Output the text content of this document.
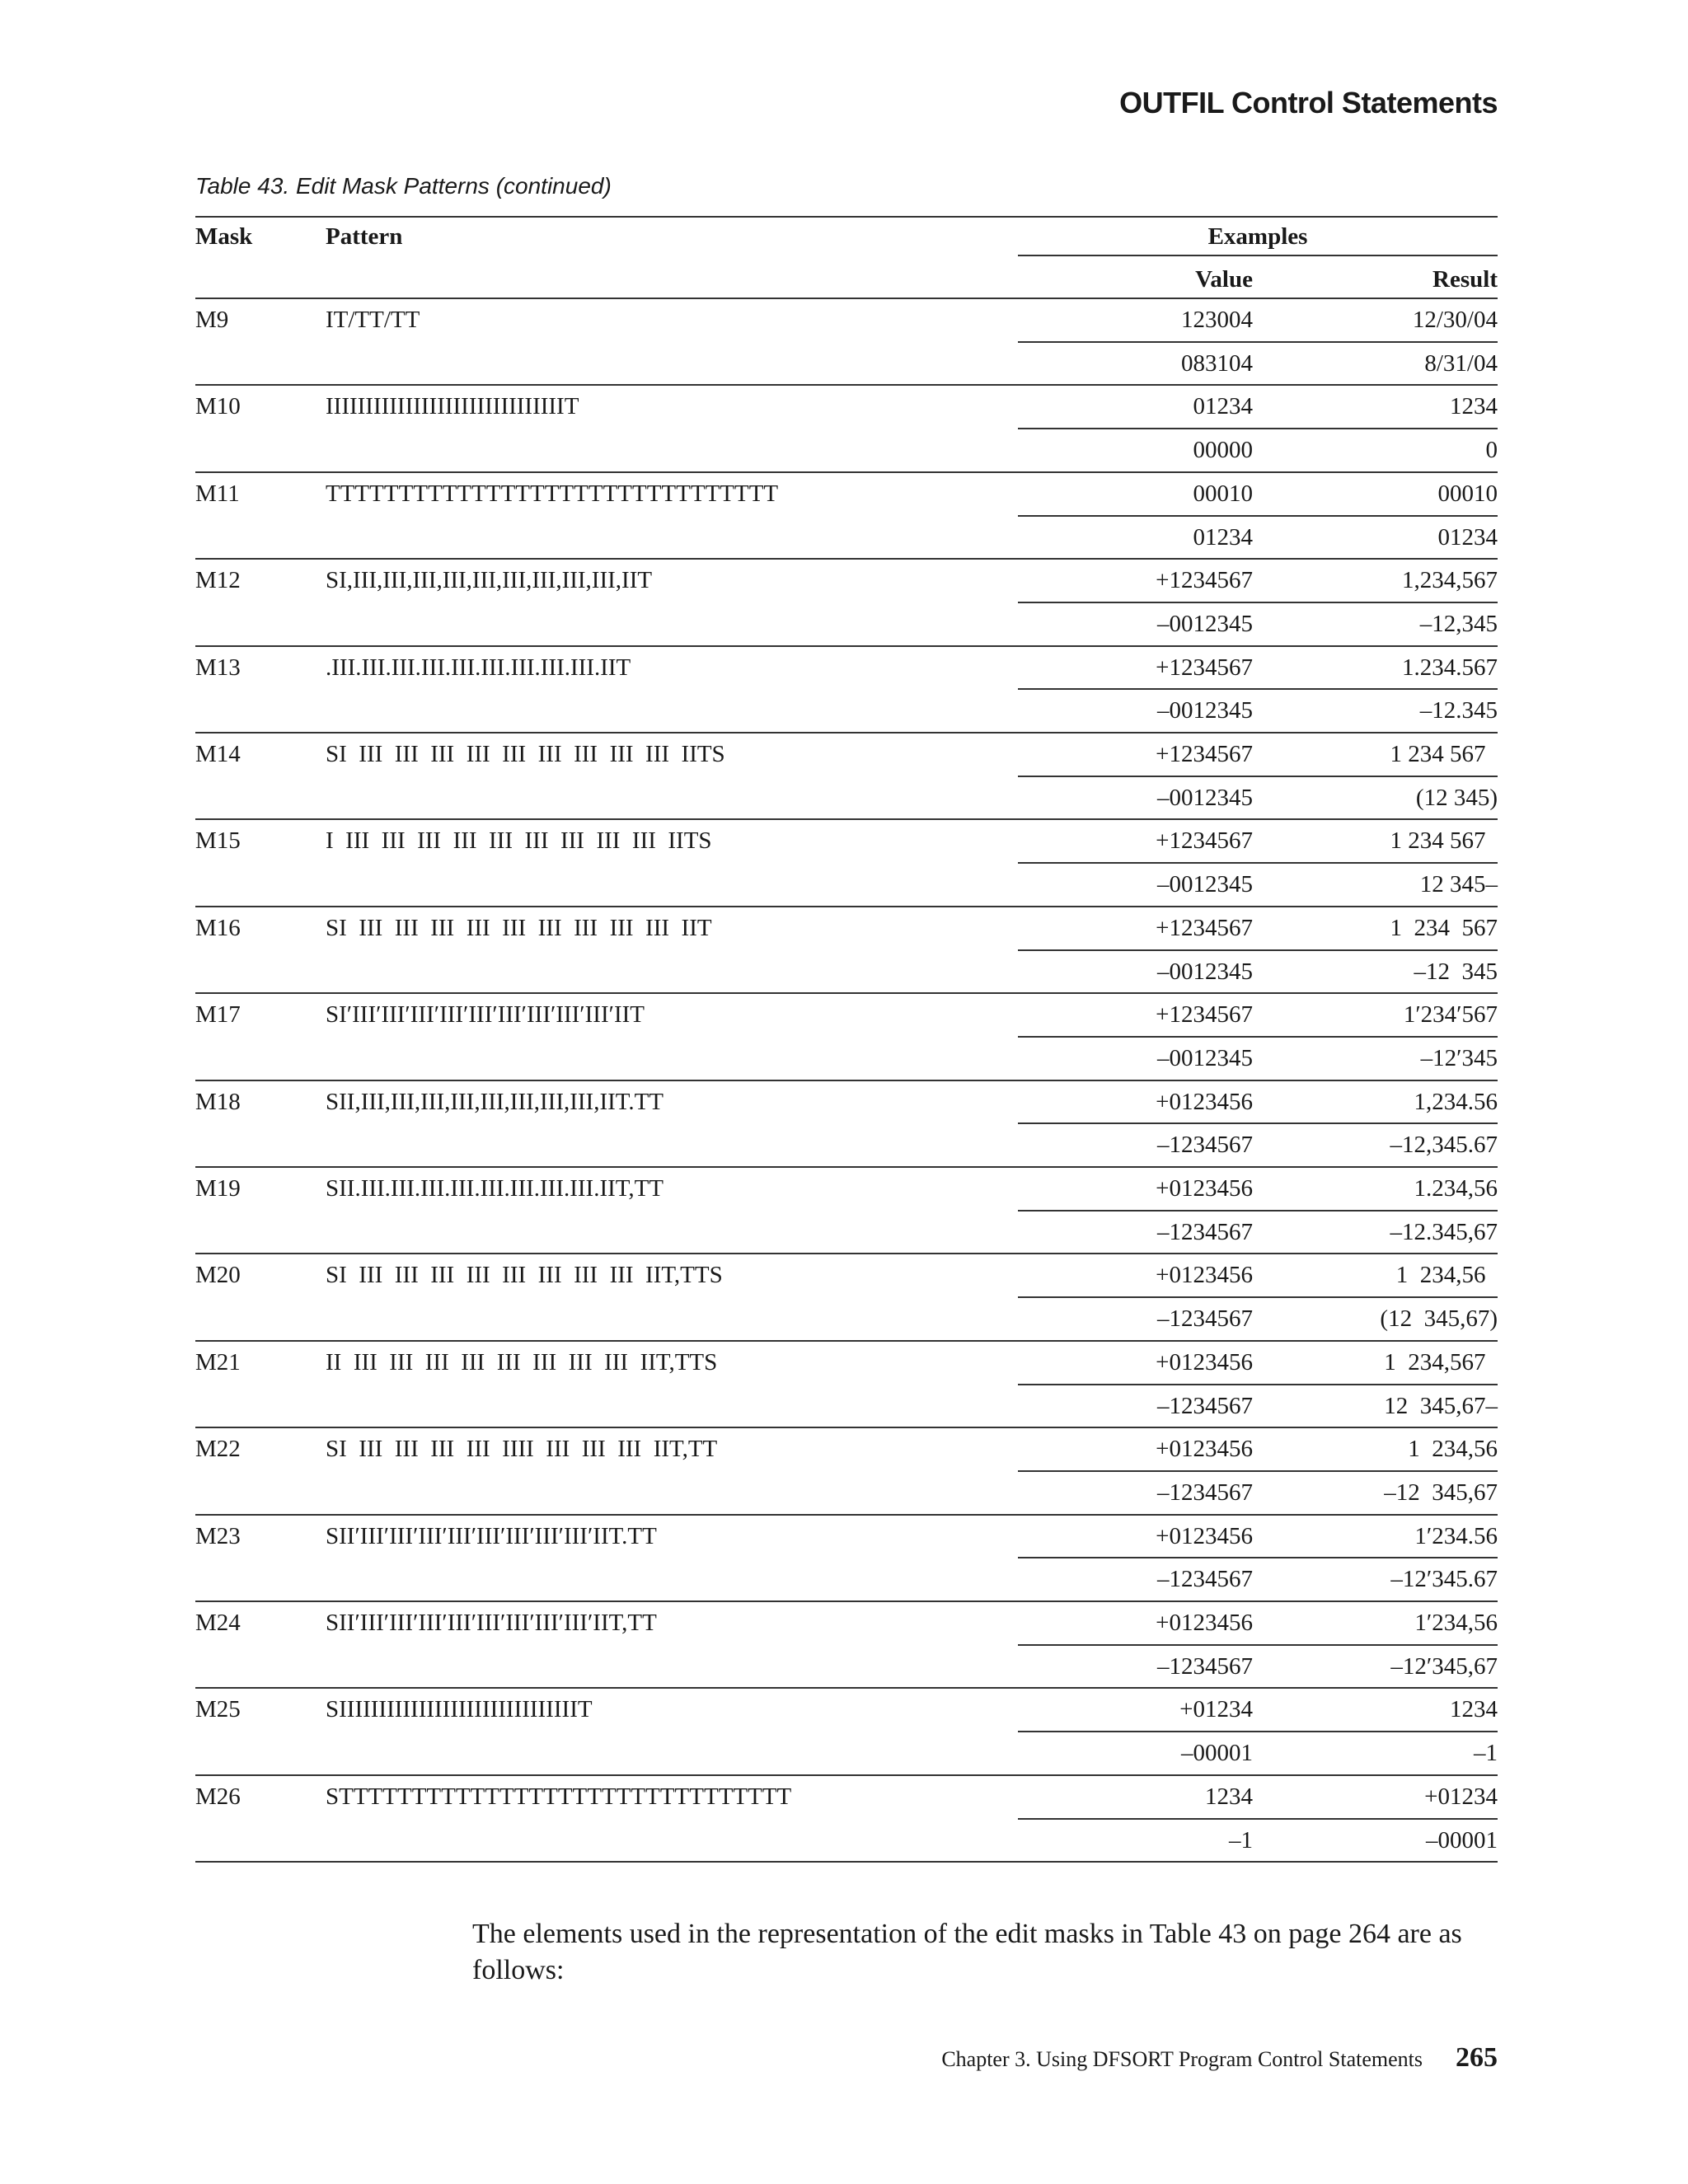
OUTFIL Control Statements
Table 43. Edit Mask Patterns (continued)
Mask	Pattern	Examples
Value	Result
M9	IT/TT/TT	123004	12/30/04
083104	8/31/04
M10	IIIIIIIIIIIIIIIIIIIIIIIIIIIIIIT	01234	1234
00000	0
M11	TTTTTTTTTTTTTTTTTTTTTTTTTTTTTTT	00010	00010
01234	01234
M12	SI,III,III,III,III,III,III,III,III,III,IIT	+1234567	1,234,567
–0012345	–12,345
M13	.III.III.III.III.III.III.III.III.III.IIT	+1234567	1.234.567
–0012345	–12.345
M14	SI  III  III  III  III  III  III  III  III  III  IITS	+1234567	1 234 567
–0012345	(12 345)
M15	I  III  III  III  III  III  III  III  III  III  IITS	+1234567	1 234 567
–0012345	12 345–
M16	SI  III  III  III  III  III  III  III  III  III  IIT	+1234567	1  234  567
–0012345	–12  345
M17	SI′III′III′III′III′III′III′III′III′III′IIT	+1234567	1′234′567
–0012345	–12′345
M18	SII,III,III,III,III,III,III,III,III,IIT.TT	+0123456	1,234.56
–1234567	–12,345.67
M19	SII.III.III.III.III.III.III.III.III.IIT,TT	+0123456	1.234,56
–1234567	–12.345,67
M20	SI  III  III  III  III  III  III  III  III  IIT,TTS	+0123456	1  234,56
–1234567	(12  345,67)
M21	II  III  III  III  III  III  III  III  III  IIT,TTS	+0123456	1  234,567
–1234567	12  345,67–
M22	SI  III  III  III  III  IIII  III  III  III  IIT,TT	+0123456	1  234,56
–1234567	–12  345,67
M23	SII′III′III′III′III′III′III′III′III′IIT.TT	+0123456	1′234.56
–1234567	–12′345.67
M24	SII′III′III′III′III′III′III′III′III′IIT,TT	+0123456	1′234,56
–1234567	–12′345,67
M25	SIIIIIIIIIIIIIIIIIIIIIIIIIIIIIIT	+01234	1234
–00001	–1
M26	STTTTTTTTTTTTTTTTTTTTTTTTTTTTTTT	1234	+01234
–1	–00001
The elements used in the representation of the edit masks in Table 43 on page 264 are as follows:
Chapter 3. Using DFSORT Program Control Statements 265
